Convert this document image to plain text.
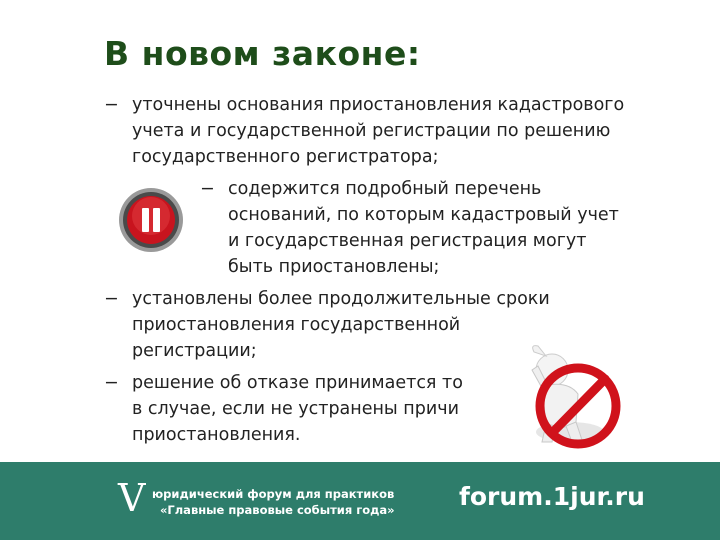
В новом законе:
− уточнены основания приостановления кадастрового
учета и государственной регистрации по решению
государственного регистратора;
− содержится подробный перечень
оснований, по которым кадастровый учет
и государственная регистрация могут
быть приостановлены;
− установлены более продолжительные сроки
приостановления государственной
регистрации;
− решение об отказе принимается то
в случае, если не устранены причи
приостановления.
V юридический форум для практиков
«Главные правовые события года»	forum.1jur.ru
